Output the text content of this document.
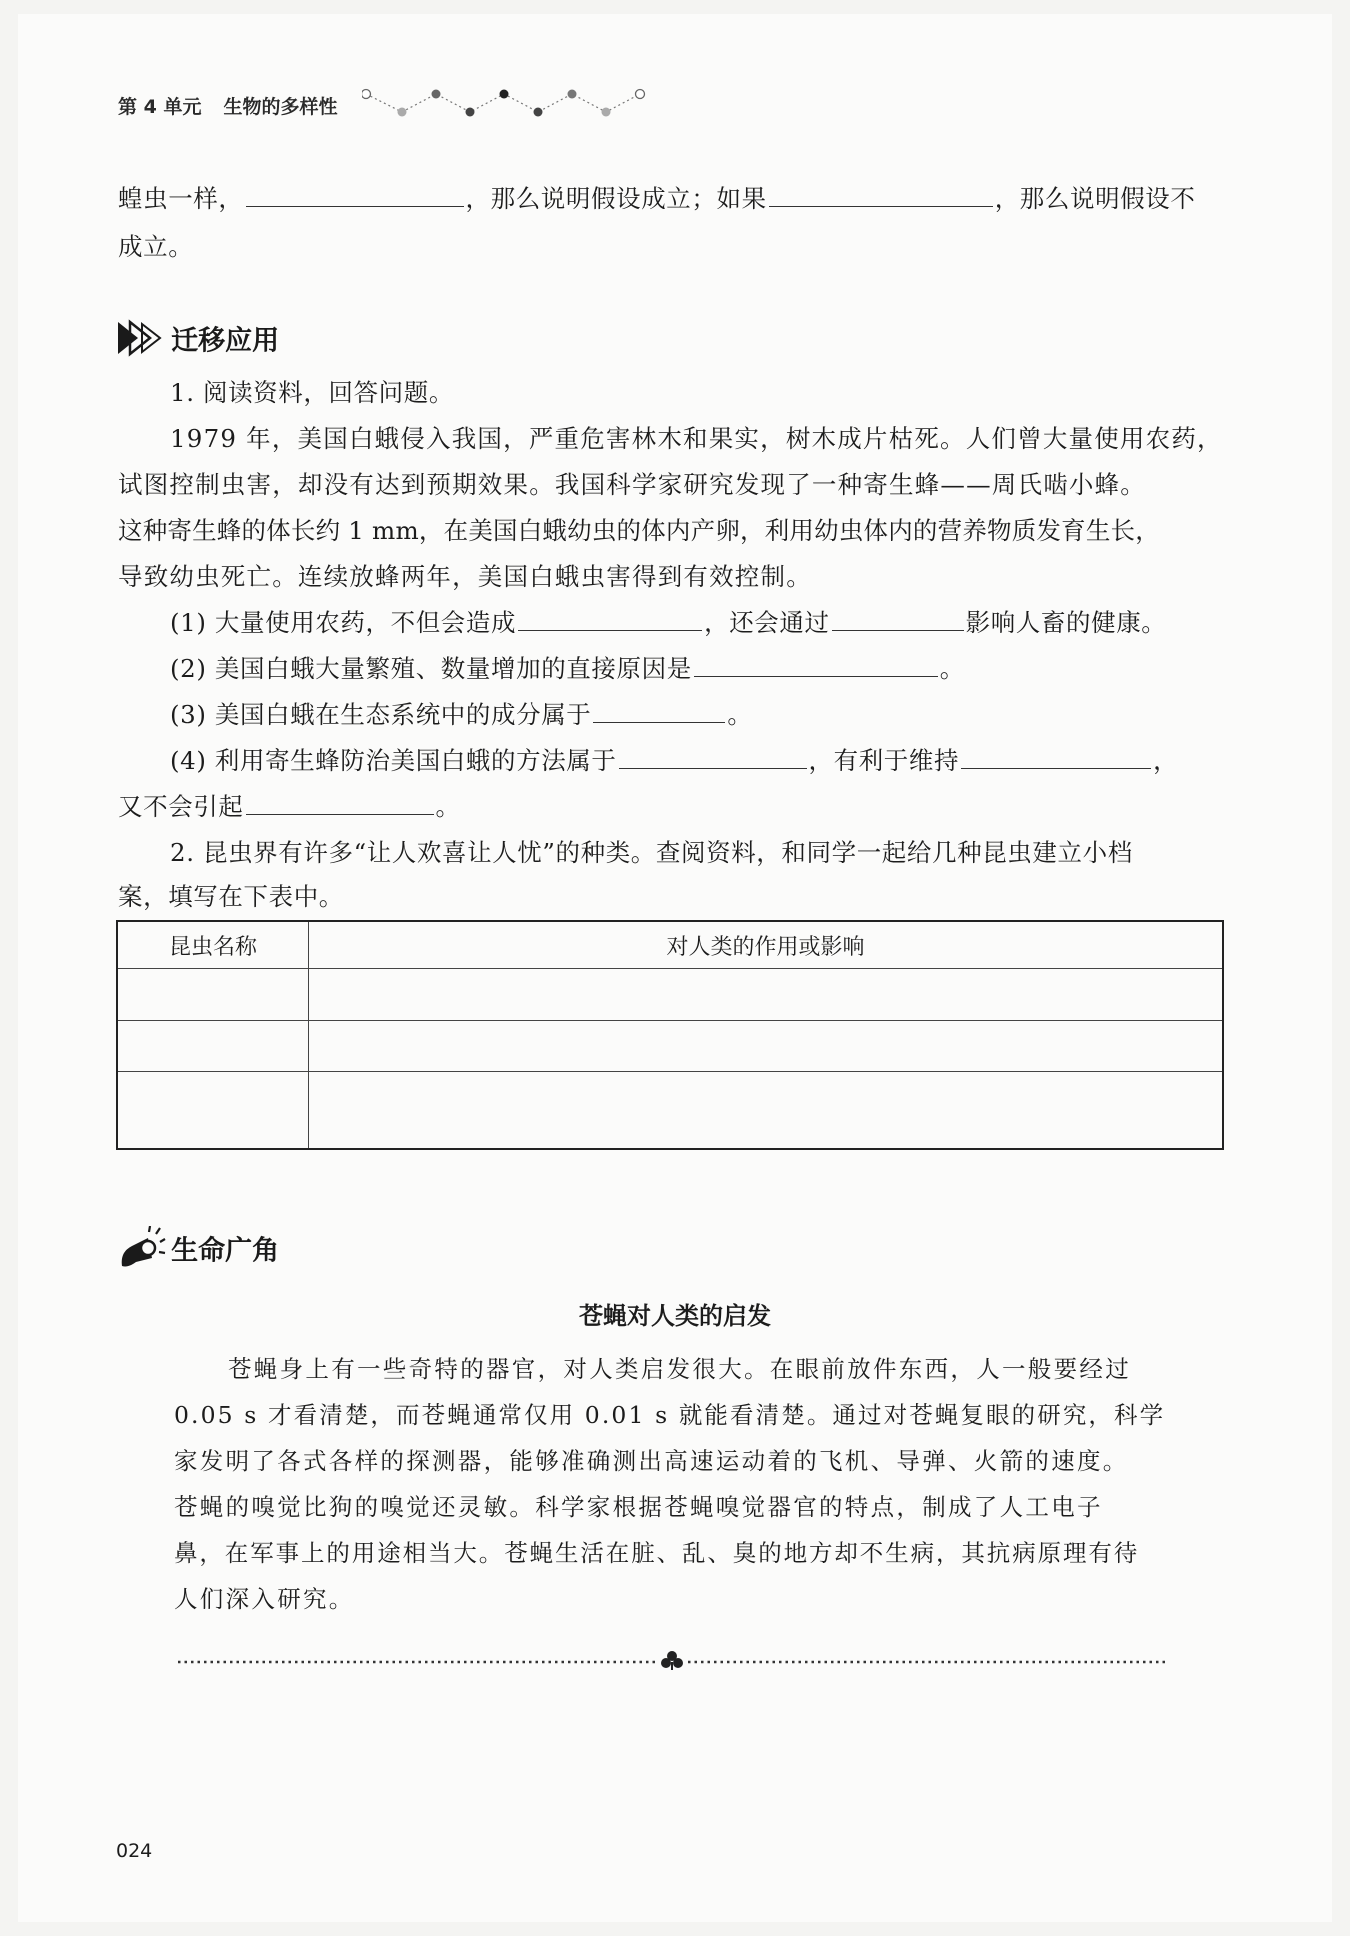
第 4 单元 生物的多样性
蝗虫一样，	，那么说明假设成立；如果	，那么说明假设不
成立。
迁移应用
1. 阅读资料，回答问题。
1979 年，美国白蛾侵入我国，严重危害林木和果实，树木成片枯死。人们曾大量使用农药，
试图控制虫害，却没有达到预期效果。我国科学家研究发现了一种寄生蜂——周氏啮小蜂。
这种寄生蜂的体长约 1 mm，在美国白蛾幼虫的体内产卵，利用幼虫体内的营养物质发育生长，
导致幼虫死亡。连续放蜂两年，美国白蛾虫害得到有效控制。
(1) 大量使用农药，不但会造成	，还会通过	影响人畜的健康。
(2) 美国白蛾大量繁殖、数量增加的直接原因是	。
(3) 美国白蛾在生态系统中的成分属于	。
(4) 利用寄生蜂防治美国白蛾的方法属于	，有利于维持	，
又不会引起	。
2. 昆虫界有许多“让人欢喜让人忧”的种类。查阅资料，和同学一起给几种昆虫建立小档
案，填写在下表中。
昆虫名称	对人类的作用或影响

生命广角
苍蝇对人类的启发
苍蝇身上有一些奇特的器官，对人类启发很大。在眼前放件东西，人一般要经过
0.05 s 才看清楚，而苍蝇通常仅用 0.01 s 就能看清楚。通过对苍蝇复眼的研究，科学
家发明了各式各样的探测器，能够准确测出高速运动着的飞机、导弹、火箭的速度。
苍蝇的嗅觉比狗的嗅觉还灵敏。科学家根据苍蝇嗅觉器官的特点，制成了人工电子
鼻，在军事上的用途相当大。苍蝇生活在脏、乱、臭的地方却不生病，其抗病原理有待
人们深入研究。
024
